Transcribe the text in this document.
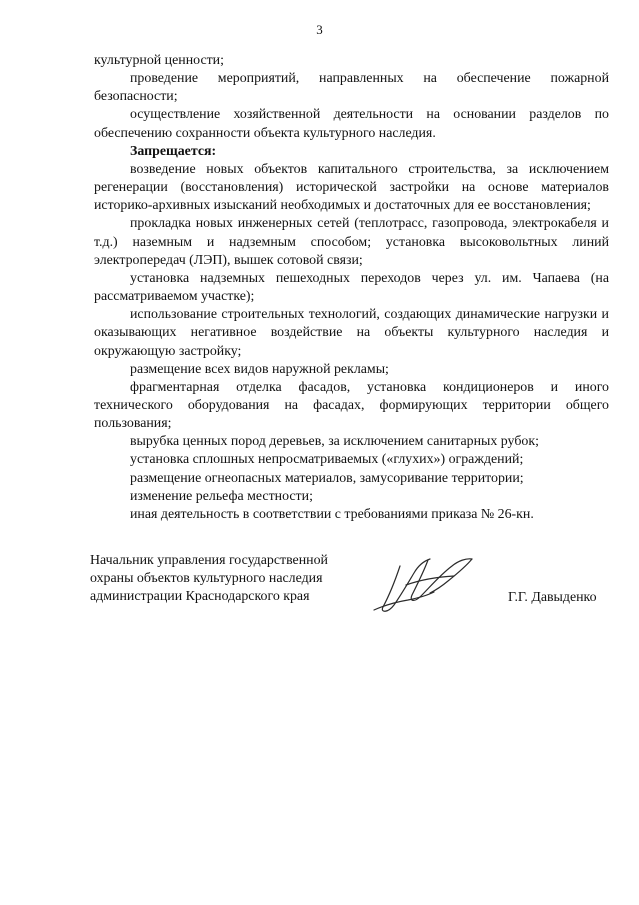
3

культурной ценности;

проведение мероприятий, направленных на обеспечение пожарной безопасности;

осуществление хозяйственной деятельности на основании разделов по обеспечению сохранности объекта культурного наследия.

Запрещается:

возведение новых объектов капитального строительства, за исключением регенерации (восстановления) исторической застройки на основе материалов историко-архивных изысканий необходимых и достаточных для ее восстановления;

прокладка новых инженерных сетей (теплотрасс, газопровода, электрокабеля и т.д.) наземным и надземным способом; установка высоковольтных линий электропередач (ЛЭП), вышек сотовой связи;

установка надземных пешеходных переходов через ул. им. Чапаева (на рассматриваемом участке);

использование строительных технологий, создающих динамические нагрузки и оказывающих негативное воздействие на объекты культурного наследия и окружающую застройку;

размещение всех видов наружной рекламы;

фрагментарная отделка фасадов, установка кондиционеров и иного технического оборудования на фасадах, формирующих территории общего пользования;

вырубка ценных пород деревьев, за исключением санитарных рубок;

установка сплошных непросматриваемых («глухих») ограждений;

размещение огнеопасных материалов, замусоривание территории;

изменение рельефа местности;

иная деятельность в соответствии с требованиями приказа № 26-кн.

Начальник управления государственной

охраны объектов культурного наследия

администрации Краснодарского края	Г.Г. Давыденко
